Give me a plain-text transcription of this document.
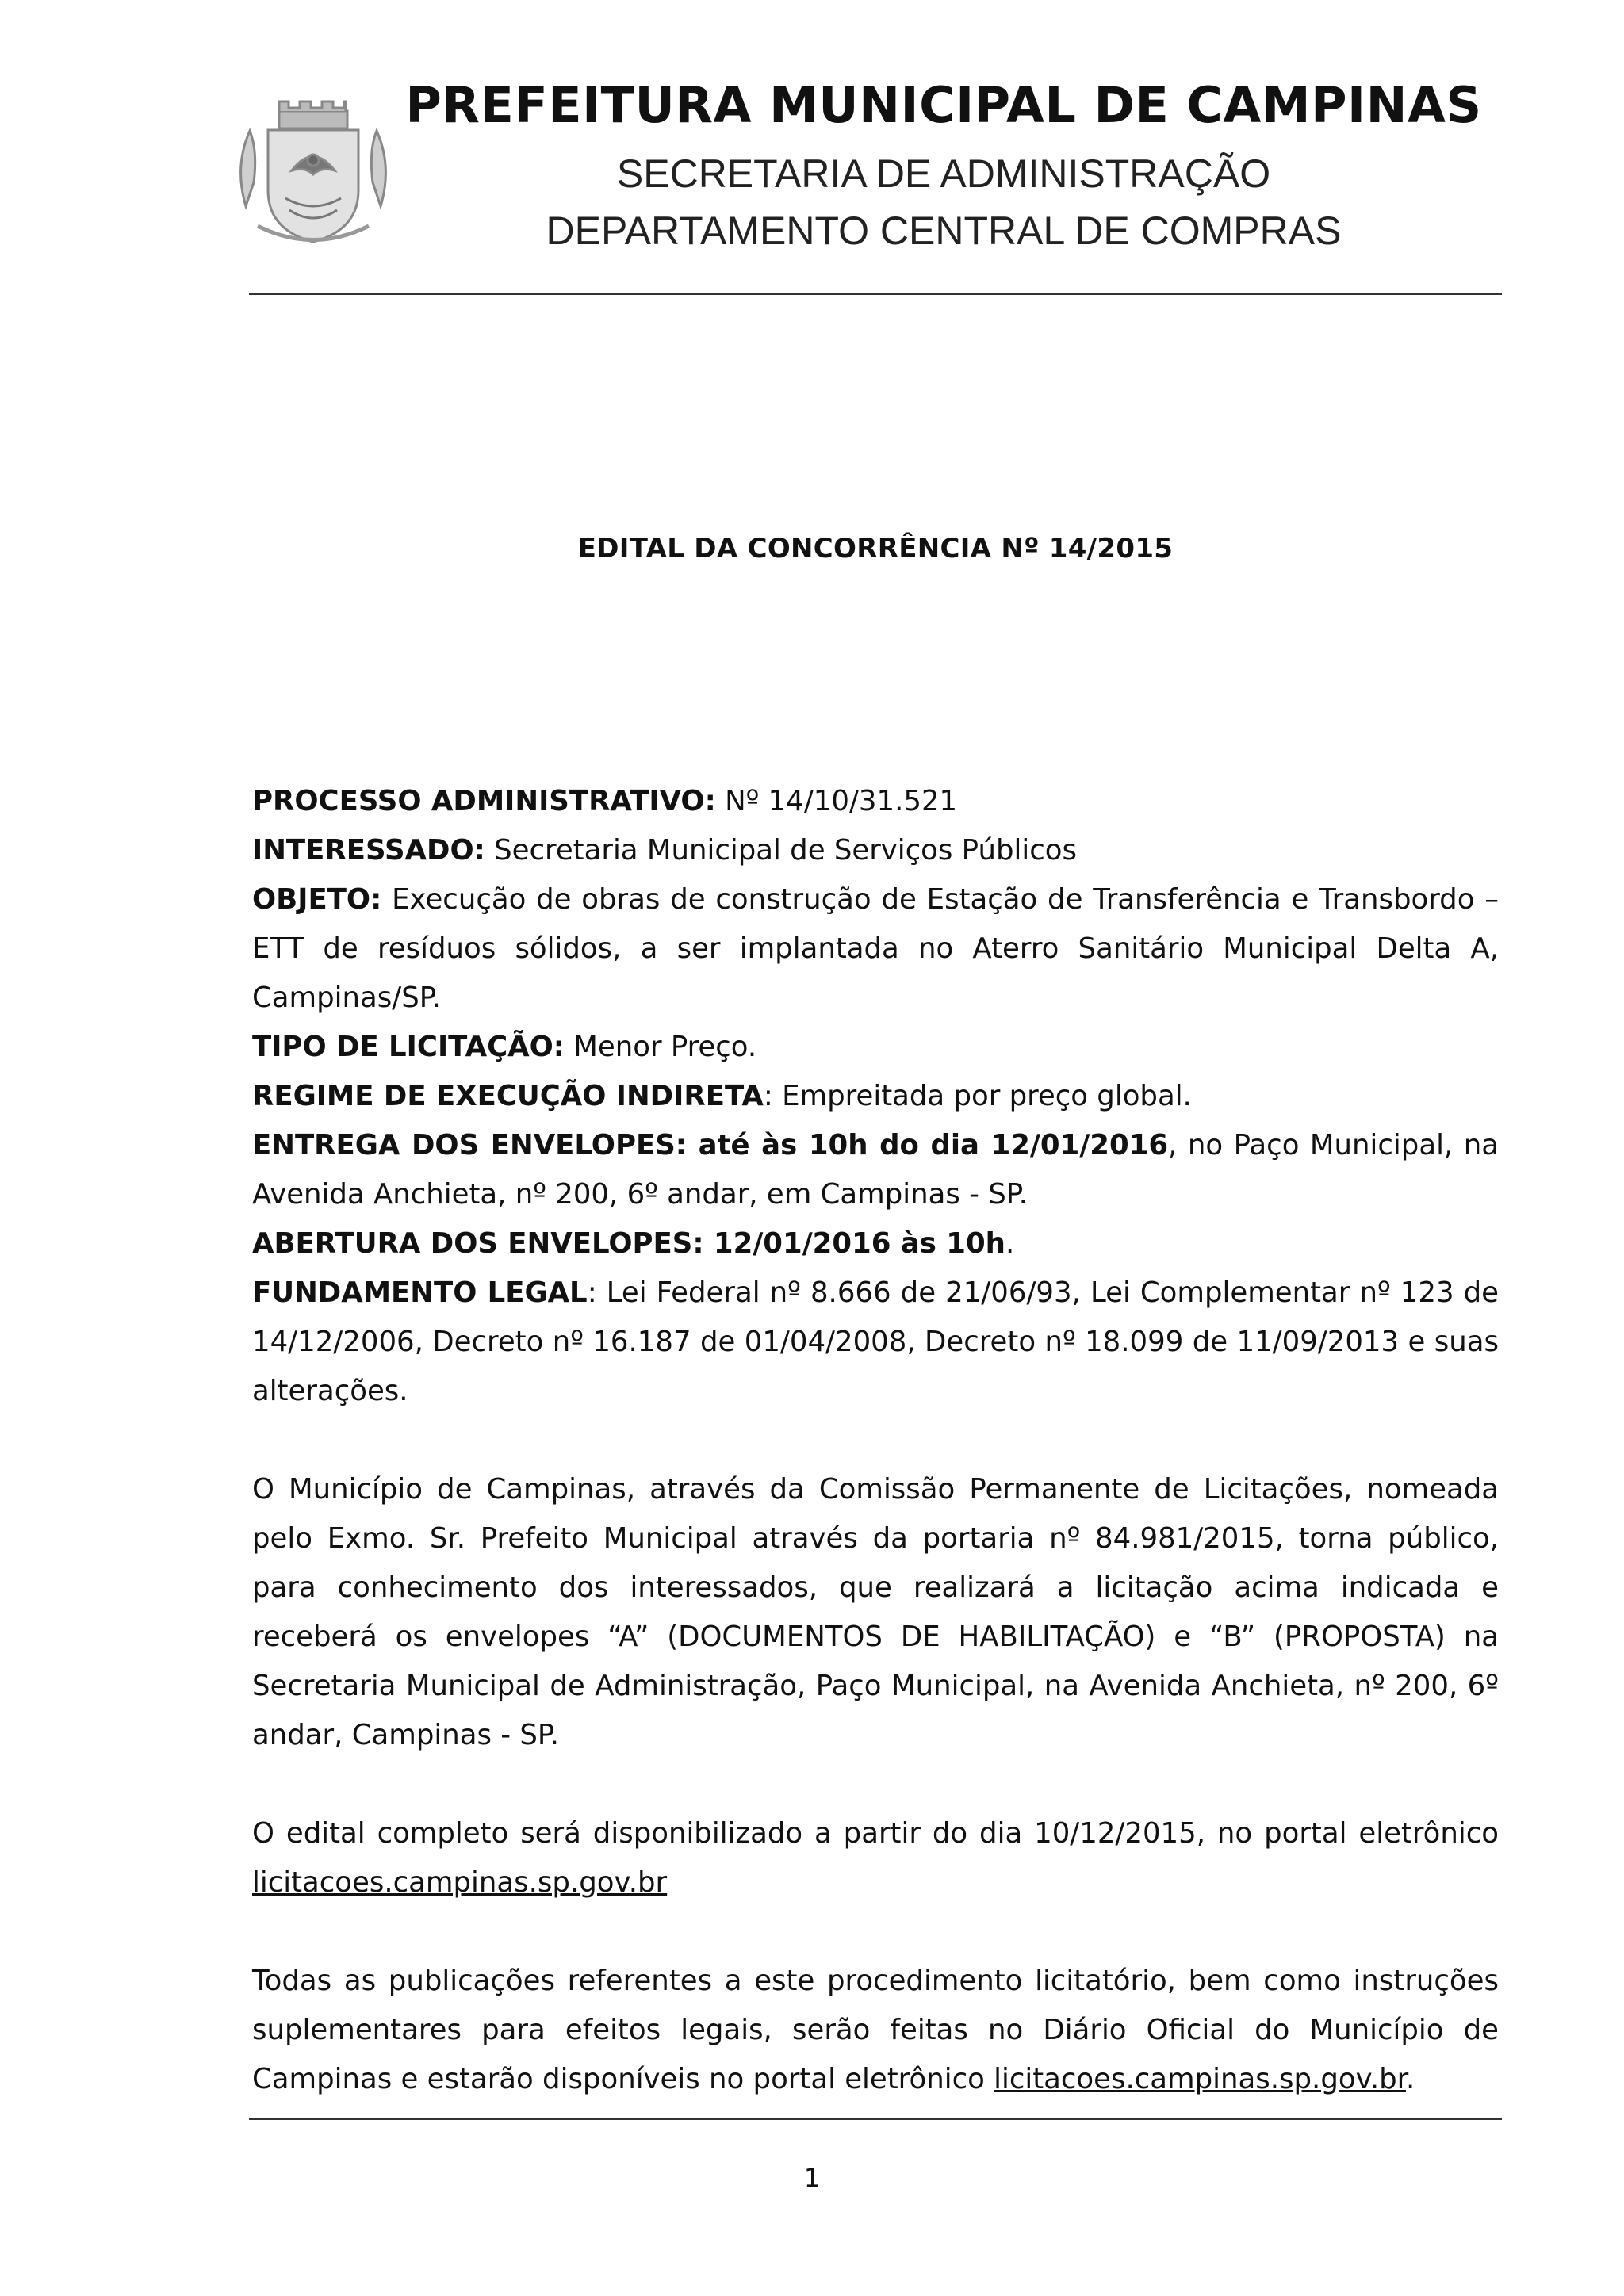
PREFEITURA MUNICIPAL DE CAMPINAS
SECRETARIA DE ADMINISTRAÇÃO
DEPARTAMENTO CENTRAL DE COMPRAS
EDITAL DA CONCORRÊNCIA Nº 14/2015

PROCESSO ADMINISTRATIVO: Nº 14/10/31.521

INTERESSADO: Secretaria Municipal de Serviços Públicos

OBJETO: Execução de obras de construção de Estação de Transferência e Transbordo – ETT de resíduos sólidos, a ser implantada no Aterro Sanitário Municipal Delta A, Campinas/SP.

TIPO DE LICITAÇÃO: Menor Preço.

REGIME DE EXECUÇÃO INDIRETA: Empreitada por preço global.

ENTREGA DOS ENVELOPES: até às 10h do dia 12/01/2016, no Paço Municipal, na Avenida Anchieta, nº 200, 6º andar, em Campinas - SP.

ABERTURA DOS ENVELOPES: 12/01/2016 às 10h.

FUNDAMENTO LEGAL: Lei Federal nº 8.666 de 21/06/93, Lei Complementar nº 123 de 14/12/2006, Decreto nº 16.187 de 01/04/2008, Decreto nº 18.099 de 11/09/2013 e suas alterações.

O Município de Campinas, através da Comissão Permanente de Licitações, nomeada pelo Exmo. Sr. Prefeito Municipal através da portaria nº 84.981/2015, torna público, para conhecimento dos interessados, que realizará a licitação acima indicada e receberá os envelopes “A” (DOCUMENTOS DE HABILITAÇÃO) e “B” (PROPOSTA) na Secretaria Municipal de Administração, Paço Municipal, na Avenida Anchieta, nº 200, 6º andar, Campinas - SP.

O edital completo será disponibilizado a partir do dia 10/12/2015, no portal eletrônico licitacoes.campinas.sp.gov.br

Todas as publicações referentes a este procedimento licitatório, bem como instruções suplementares para efeitos legais, serão feitas no Diário Oficial do Município de Campinas e estarão disponíveis no portal eletrônico licitacoes.campinas.sp.gov.br.

1
